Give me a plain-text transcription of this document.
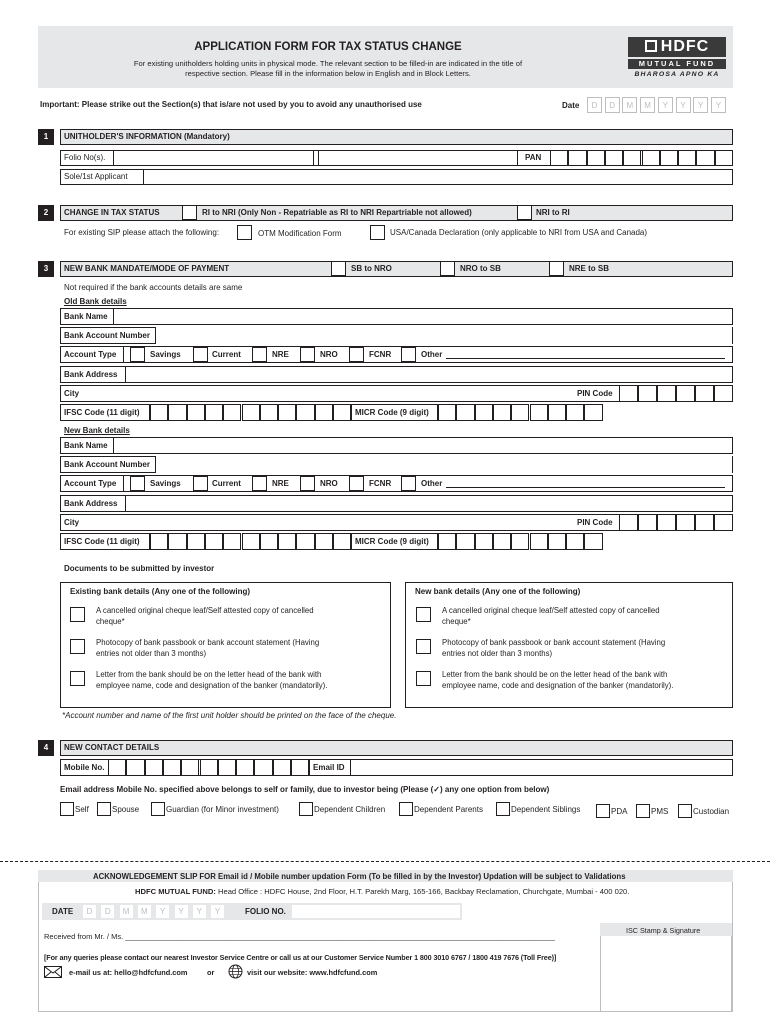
APPLICATION FORM FOR TAX STATUS CHANGE
For existing unitholders holding units in physical mode. The relevant section to be filled-in are indicated in the title of
respective section. Please fill in the information below in English and in Block Letters.
HDFC
MUTUAL FUND
BHAROSA APNO KA
Important: Please strike out the Section(s) that is/are not used by you to avoid any unauthorised use	Date	D	D	M	M	Y	Y	Y	Y
1	UNITHOLDER'S INFORMATION (Mandatory)
Folio No(s).	PAN
Sole/1st Applicant
2	CHANGE IN TAX STATUS	RI to NRI (Only Non - Repatriable as RI to NRI Repartriable not allowed)	NRI to RI
For existing SIP please attach the following:	OTM Modification Form	USA/Canada Declaration (only applicable to NRI from USA and Canada)
3	NEW BANK MANDATE/MODE OF PAYMENT	SB to NRO	NRO to SB	NRE to SB
Not required if the bank accounts details are same
Old Bank details
Bank Name
Bank Account Number
Account Type	Savings	Current	NRE	NRO	FCNR	Other
Bank Address
City	PIN Code
IFSC Code (11 digit)	MICR Code (9 digit)
New Bank details
Bank Name
Bank Account Number
Account Type	Savings	Current	NRE	NRO	FCNR	Other
Bank Address
City	PIN Code
IFSC Code (11 digit)	MICR Code (9 digit)
Documents to be submitted by investor
Existing bank details (Any one of the following)	New bank details (Any one of the following)
A cancelled original cheque leaf/Self attested copy of cancelled
cheque*
Photocopy of bank passbook or bank account statement (Having
entries not older than 3 months)
Letter from the bank should be on the letter head of the bank with
employee name, code and designation of the banker (mandatorily).
A cancelled original cheque leaf/Self attested copy of cancelled
cheque*
Photocopy of bank passbook or bank account statement (Having
entries not older than 3 months)
Letter from the bank should be on the letter head of the bank with
employee name, code and designation of the banker (mandatorily).
*Account number and name of the first unit holder should be printed on the face of the cheque.
4	NEW CONTACT DETAILS
Mobile No.	Email ID
Email address Mobile No. specified above belongs to self or family, due to investor being (Please (✓) any one option from below)
Self	Spouse	Guardian (for Minor investment)	Dependent Children	Dependent Parents	Dependent Siblings	PDA	PMS	Custodian
ACKNOWLEDGEMENT SLIP FOR Email id / Mobile number updation Form (To be filled in by the Investor) Updation will be subject to Validations
HDFC MUTUAL FUND: Head Office : HDFC House, 2nd Floor, H.T. Parekh Marg, 165-166, Backbay Reclamation, Churchgate, Mumbai - 400 020.
DATE	D	D	M	M	Y	Y	Y	Y	FOLIO NO.
Received from Mr. / Ms. _______________________________________________________________________________________________________
ISC Stamp & Signature
[For any queries please contact our nearest Investor Service Centre or call us at our Customer Service Number 1 800 3010 6767 / 1800 419 7676 (Toll Free)]
e-mail us at: hello@hdfcfund.com	or	visit our website: www.hdfcfund.com
